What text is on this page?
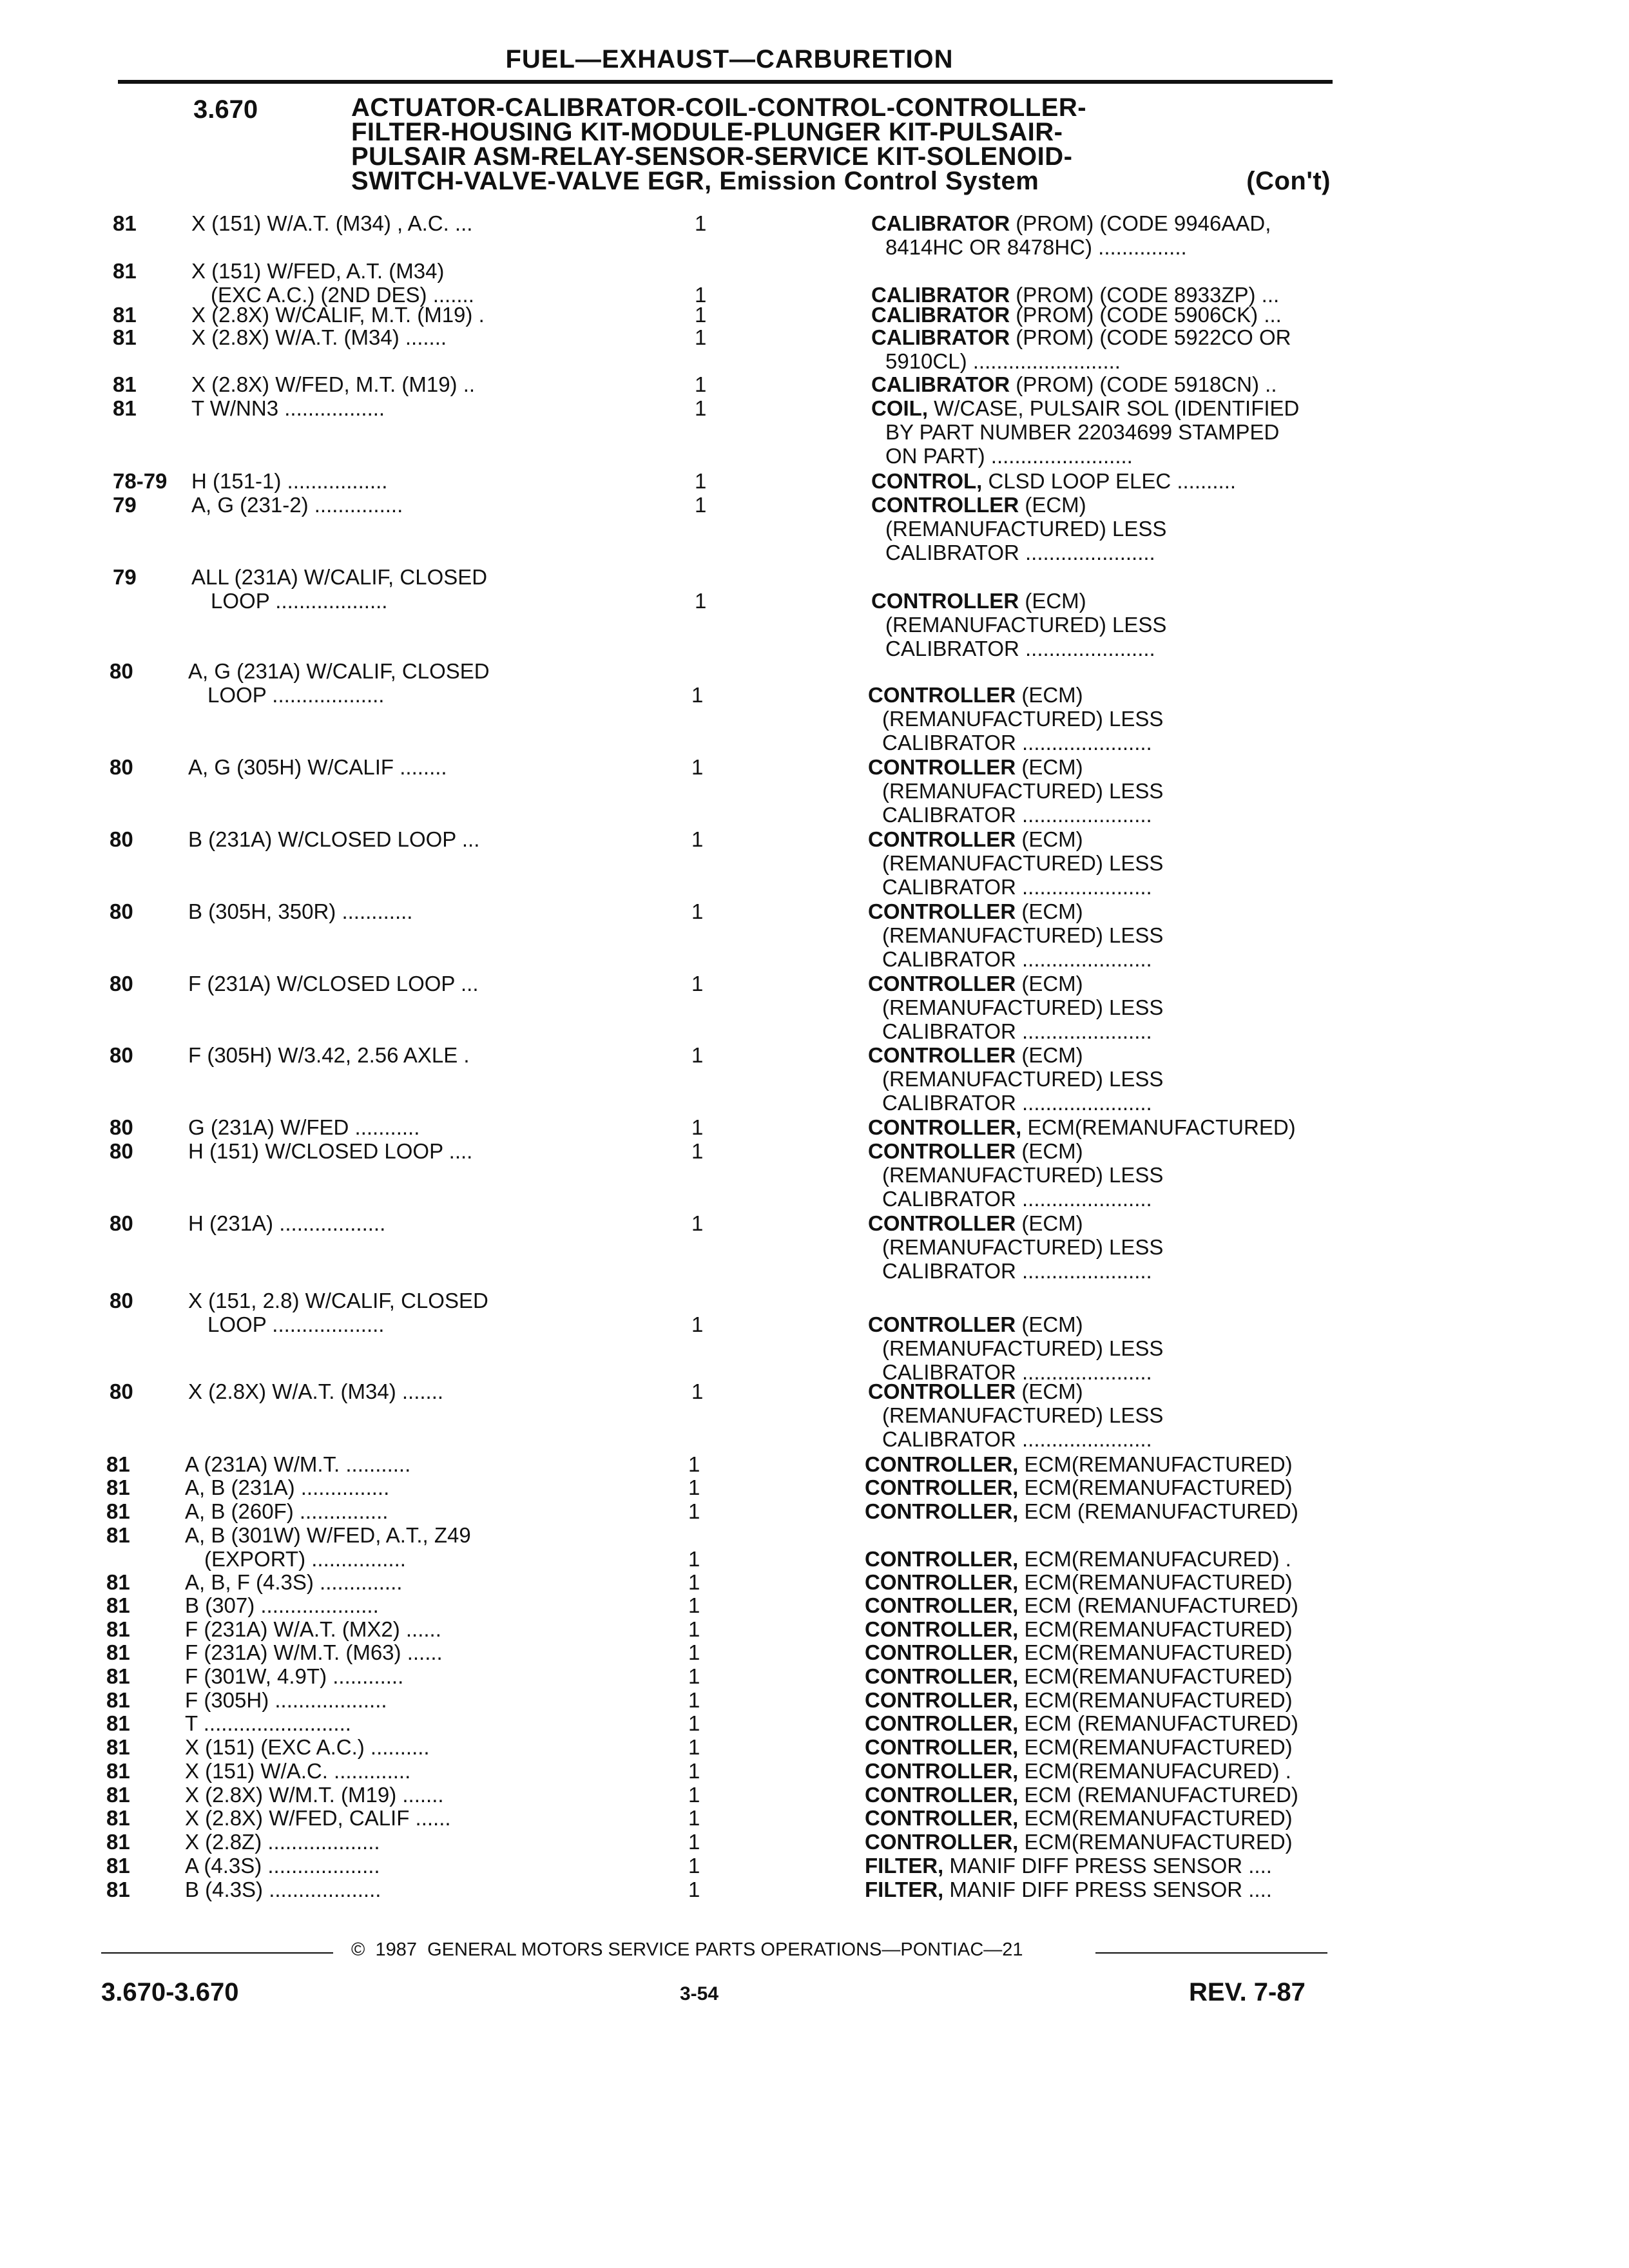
FUEL—EXHAUST—CARBURETION
3.670	ACTUATOR-CALIBRATOR-COIL-CONTROL-CONTROLLER-
FILTER-HOUSING KIT-MODULE-PLUNGER KIT-PULSAIR-
PULSAIR ASM-RELAY-SENSOR-SERVICE KIT-SOLENOID-
SWITCH-VALVE-VALVE EGR, Emission Control System	(Con't)
81	X (151) W/A.T. (M34) , A.C. ...	1	CALIBRATOR (PROM) (CODE 9946AAD,
8414HC OR 8478HC) ...............
81	X (151) W/FED, A.T. (M34)
(EXC A.C.) (2ND DES) .......	1	CALIBRATOR (PROM) (CODE 8933ZP) ...
81	X (2.8X) W/CALIF, M.T. (M19) .	1	CALIBRATOR (PROM) (CODE 5906CK) ...
81	X (2.8X) W/A.T. (M34) .......	1	CALIBRATOR (PROM) (CODE 5922CO OR
5910CL) .........................
81	X (2.8X) W/FED, M.T. (M19) ..	1	CALIBRATOR (PROM) (CODE 5918CN) ..
81	T W/NN3 .................	1	COIL, W/CASE, PULSAIR SOL (IDENTIFIED
BY PART NUMBER 22034699 STAMPED
ON PART) ........................
78-79 H (151-1) .................	1	CONTROL, CLSD LOOP ELEC ..........
79	A, G (231-2) ...............	1	CONTROLLER (ECM)
(REMANUFACTURED) LESS
CALIBRATOR ......................
79	ALL (231A) W/CALIF, CLOSED
LOOP ...................	1	CONTROLLER (ECM)
(REMANUFACTURED) LESS
CALIBRATOR ......................
80	A, G (231A) W/CALIF, CLOSED
LOOP ...................	1	CONTROLLER (ECM)
(REMANUFACTURED) LESS
CALIBRATOR ......................
80	A, G (305H) W/CALIF ........	1	CONTROLLER (ECM)
(REMANUFACTURED) LESS
CALIBRATOR ......................
80	B (231A) W/CLOSED LOOP ...	1	CONTROLLER (ECM)
(REMANUFACTURED) LESS
CALIBRATOR ......................
80	B (305H, 350R) ............	1	CONTROLLER (ECM)
(REMANUFACTURED) LESS
CALIBRATOR ......................
80	F (231A) W/CLOSED LOOP ...	1	CONTROLLER (ECM)
(REMANUFACTURED) LESS
CALIBRATOR ......................
80	F (305H) W/3.42, 2.56 AXLE .	1	CONTROLLER (ECM)
(REMANUFACTURED) LESS
CALIBRATOR ......................
80	G (231A) W/FED ...........	1	CONTROLLER, ECM(REMANUFACTURED)
80	H (151) W/CLOSED LOOP ....	1	CONTROLLER (ECM)
(REMANUFACTURED) LESS
CALIBRATOR ......................
80	H (231A) ..................	1	CONTROLLER (ECM)
(REMANUFACTURED) LESS
CALIBRATOR ......................
80	X (151, 2.8) W/CALIF, CLOSED
LOOP ...................	1	CONTROLLER (ECM)
(REMANUFACTURED) LESS
CALIBRATOR ......................
80	X (2.8X) W/A.T. (M34) .......	1	CONTROLLER (ECM)
(REMANUFACTURED) LESS
CALIBRATOR ......................
81	A (231A) W/M.T. ...........	1	CONTROLLER, ECM(REMANUFACTURED)
81	A, B (231A) ...............	1	CONTROLLER, ECM(REMANUFACTURED)
81	A, B (260F) ...............	1	CONTROLLER, ECM (REMANUFACTURED)
81	A, B (301W) W/FED, A.T., Z49
(EXPORT) ................	1	CONTROLLER, ECM(REMANUFACURED) .
81	A, B, F (4.3S) ..............	1	CONTROLLER, ECM(REMANUFACTURED)
81	B (307) ....................	1	CONTROLLER, ECM (REMANUFACTURED)
81	F (231A) W/A.T. (MX2) ......	1	CONTROLLER, ECM(REMANUFACTURED)
81	F (231A) W/M.T. (M63) ......	1	CONTROLLER, ECM(REMANUFACTURED)
81	F (301W, 4.9T) ............	1	CONTROLLER, ECM(REMANUFACTURED)
81	F (305H) ...................	1	CONTROLLER, ECM(REMANUFACTURED)
81	T .........................	1	CONTROLLER, ECM (REMANUFACTURED)
81	X (151) (EXC A.C.) ..........	1	CONTROLLER, ECM(REMANUFACTURED)
81	X (151) W/A.C. .............	1	CONTROLLER, ECM(REMANUFACURED) .
81	X (2.8X) W/M.T. (M19) .......	1	CONTROLLER, ECM (REMANUFACTURED)
81	X (2.8X) W/FED, CALIF ......	1	CONTROLLER, ECM(REMANUFACTURED)
81	X (2.8Z) ...................	1	CONTROLLER, ECM(REMANUFACTURED)
81	A (4.3S) ...................	1	FILTER, MANIF DIFF PRESS SENSOR ....
81	B (4.3S) ...................	1	FILTER, MANIF DIFF PRESS SENSOR ....
©  1987  GENERAL MOTORS SERVICE PARTS OPERATIONS—PONTIAC—21
3.670-3.670	3-54	REV. 7-87
